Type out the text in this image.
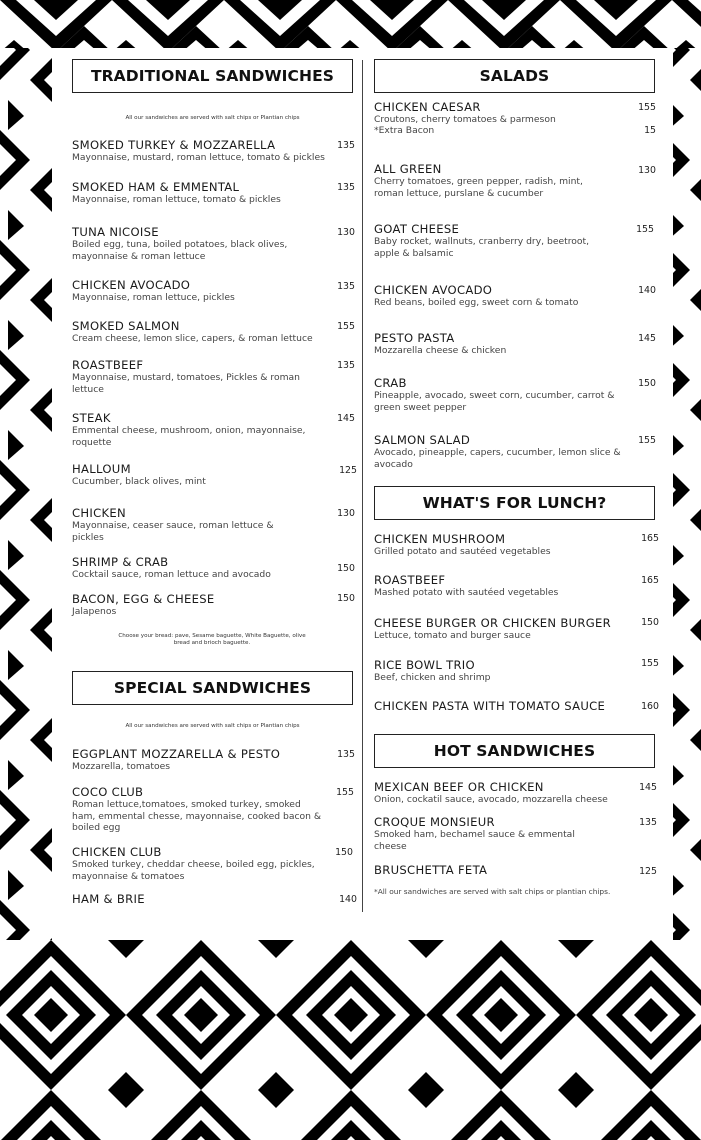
TRADITIONAL SANDWICHES
All our sandwiches are served with salt chips or Plantian chips
SMOKED TURKEY & MOZZARELLA
Mayonnaise, mustard, roman lettuce, tomato & pickles
135
SMOKED HAM & EMMENTAL
Mayonnaise, roman lettuce, tomato & pickles
135
TUNA NICOISE
Boiled egg, tuna, boiled potatoes, black olives, mayonnaise & roman lettuce
130
CHICKEN AVOCADO
Mayonnaise, roman lettuce, pickles
135
SMOKED SALMON
Cream cheese, lemon slice, capers, & roman lettuce
155
ROASTBEEF
Mayonnaise, mustard, tomatoes, Pickles & roman lettuce
135
STEAK
Emmental cheese, mushroom, onion, mayonnaise, roquette
145
HALLOUM
Cucumber, black olives, mint
125
CHICKEN
Mayonnaise, ceaser sauce, roman lettuce & pickles
130
SHRIMP & CRAB
Cocktail sauce, roman lettuce and avocado
150
BACON, EGG & CHEESE
Jalapenos
150
Choose your bread: pave, Sesame baguette, White Baguette, olive bread and brioch baguette.
SPECIAL SANDWICHES
All our sandwiches are served with salt chips or Plantian chips
EGGPLANT MOZZARELLA & PESTO
Mozzarella, tomatoes
135
COCO CLUB
Roman lettuce,tomatoes, smoked turkey, smoked ham, emmental chesse, mayonnaise, cooked bacon & boiled egg
155
CHICKEN CLUB
Smoked turkey, cheddar cheese, boiled egg, pickles, mayonnaise & tomatoes
150
HAM & BRIE	140
SALADS
CHICKEN CAESAR
Croutons, cherry tomatoes & parmeson
155
*Extra Bacon	15
ALL GREEN
Cherry tomatoes, green pepper, radish, mint, roman lettuce, purslane & cucumber
130
GOAT CHEESE
Baby rocket, wallnuts, cranberry dry, beetroot, apple & balsamic
155
CHICKEN AVOCADO
Red beans, boiled egg, sweet corn & tomato
140
PESTO PASTA
Mozzarella cheese & chicken
145
CRAB
Pineapple, avocado, sweet corn, cucumber, carrot & green sweet pepper
150
SALMON SALAD
Avocado, pineapple, capers, cucumber, lemon slice & avocado
155
WHAT'S FOR LUNCH?
CHICKEN MUSHROOM
Grilled potato and sautéed vegetables
165
ROASTBEEF
Mashed potato with sautéed vegetables
165
CHEESE BURGER OR CHICKEN BURGER
Lettuce, tomato and burger sauce
150
RICE BOWL TRIO
Beef, chicken and shrimp
155
CHICKEN PASTA WITH TOMATO SAUCE	160
HOT SANDWICHES
MEXICAN BEEF OR CHICKEN
Onion, cockatil sauce, avocado, mozzarella cheese
145
CROQUE MONSIEUR
Smoked ham, bechamel sauce & emmental cheese
135
BRUSCHETTA FETA	125
*All our sandwiches are served with salt chips or plantian chips.
